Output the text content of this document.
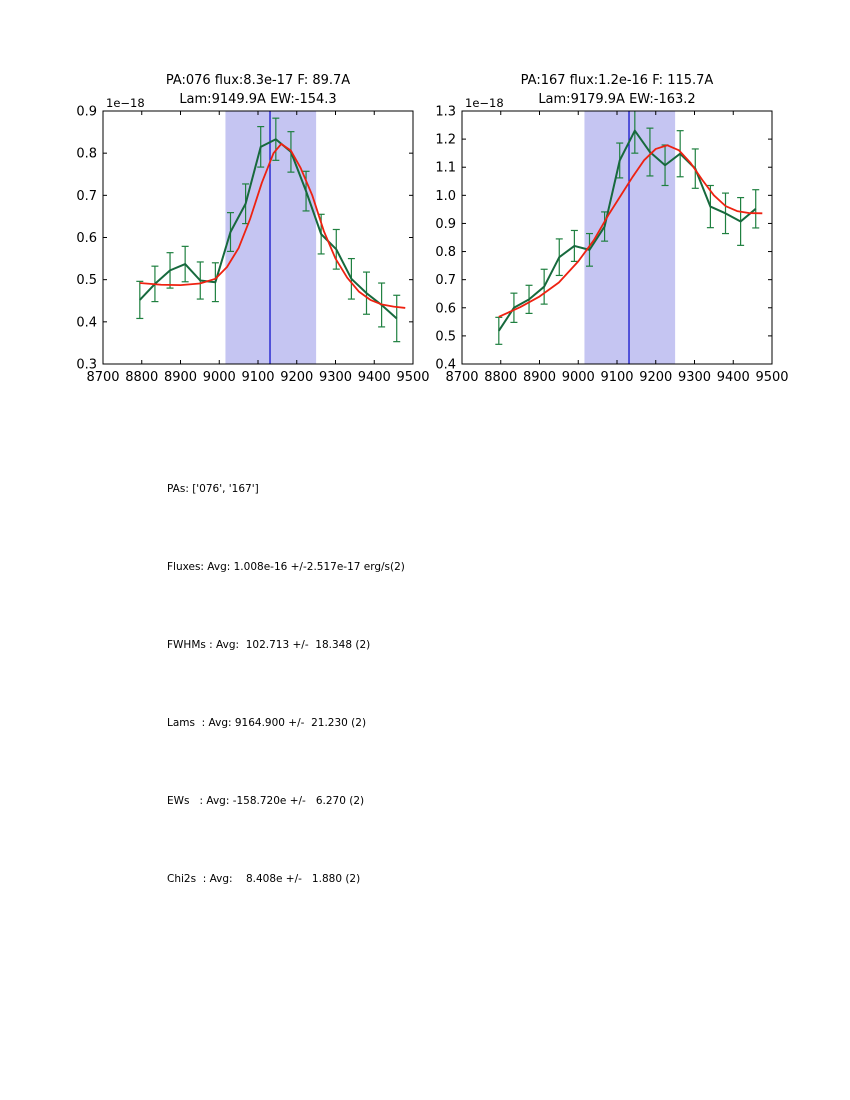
8700 8800 8900 9000 9100 9200 9300 9400 9500
0.3
0.4
0.5
0.6
0.7
0.8
0.9
8700 8800 8900 9000 9100 9200 9300 9400 9500
0.4
0.5
0.6
0.7
0.8
0.9
1.0
1.1
1.2
1.3
PA:076 flux:8.3e-17 F: 89.7A
Lam:9149.9A EW:-154.3
PA:167 flux:1.2e-16 F: 115.7A
Lam:9179.9A EW:-163.2
1e−18	1e−18

PAs: ['076', '167']

Fluxes: Avg: 1.008e-16 +/-2.517e-17 erg/s(2)

FWHMs : Avg:  102.713 +/-  18.348 (2)

Lams  : Avg: 9164.900 +/-  21.230 (2)

EWs   : Avg: -158.720e +/-   6.270 (2)

Chi2s  : Avg:    8.408e +/-   1.880 (2)
